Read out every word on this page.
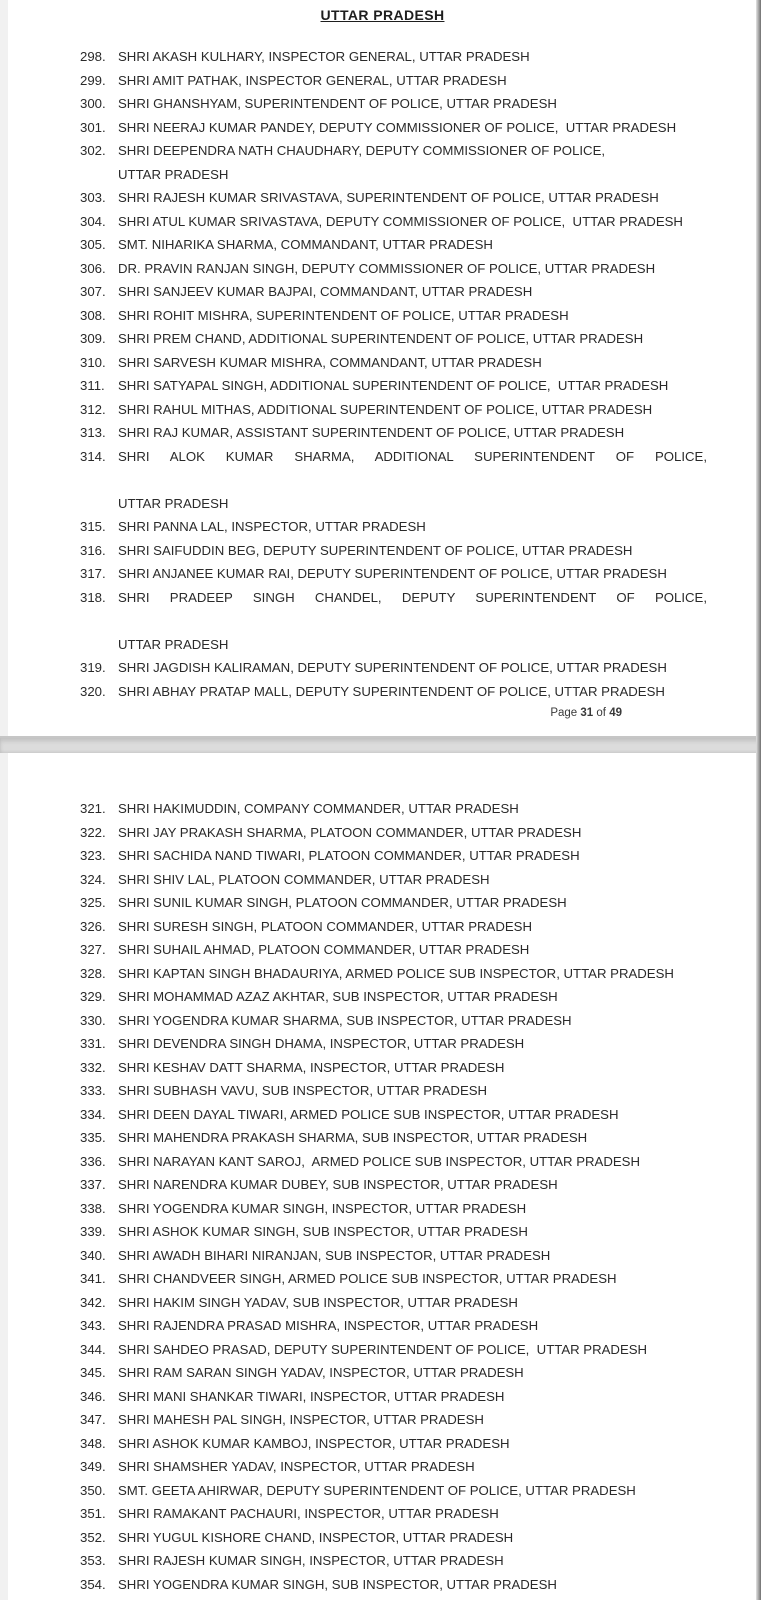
UTTAR PRADESH
298. SHRI AKASH KULHARY, INSPECTOR GENERAL, UTTAR PRADESH
299. SHRI AMIT PATHAK, INSPECTOR GENERAL, UTTAR PRADESH
300. SHRI GHANSHYAM, SUPERINTENDENT OF POLICE, UTTAR PRADESH
301. SHRI NEERAJ KUMAR PANDEY, DEPUTY COMMISSIONER OF POLICE,  UTTAR PRADESH
302. SHRI DEEPENDRA NATH CHAUDHARY, DEPUTY COMMISSIONER OF POLICE,
UTTAR PRADESH
303. SHRI RAJESH KUMAR SRIVASTAVA, SUPERINTENDENT OF POLICE, UTTAR PRADESH
304. SHRI ATUL KUMAR SRIVASTAVA, DEPUTY COMMISSIONER OF POLICE,  UTTAR PRADESH
305. SMT. NIHARIKA SHARMA, COMMANDANT, UTTAR PRADESH
306. DR. PRAVIN RANJAN SINGH, DEPUTY COMMISSIONER OF POLICE, UTTAR PRADESH
307. SHRI SANJEEV KUMAR BAJPAI, COMMANDANT, UTTAR PRADESH
308. SHRI ROHIT MISHRA, SUPERINTENDENT OF POLICE, UTTAR PRADESH
309. SHRI PREM CHAND, ADDITIONAL SUPERINTENDENT OF POLICE, UTTAR PRADESH
310. SHRI SARVESH KUMAR MISHRA, COMMANDANT, UTTAR PRADESH
311.	SHRI SATYAPAL SINGH, ADDITIONAL SUPERINTENDENT OF POLICE,  UTTAR PRADESH
312. SHRI RAHUL MITHAS, ADDITIONAL SUPERINTENDENT OF POLICE, UTTAR PRADESH
313. SHRI RAJ KUMAR, ASSISTANT SUPERINTENDENT OF POLICE, UTTAR PRADESH
314. SHRI ALOK KUMAR SHARMA, ADDITIONAL SUPERINTENDENT OF POLICE,UTTAR PRADESH
315. SHRI PANNA LAL, INSPECTOR, UTTAR PRADESH
316. SHRI SAIFUDDIN BEG, DEPUTY SUPERINTENDENT OF POLICE, UTTAR PRADESH
317. SHRI ANJANEE KUMAR RAI, DEPUTY SUPERINTENDENT OF POLICE, UTTAR PRADESH
318. SHRI PRADEEP SINGH CHANDEL, DEPUTY SUPERINTENDENT OF POLICE,UTTAR PRADESH
319. SHRI JAGDISH KALIRAMAN, DEPUTY SUPERINTENDENT OF POLICE, UTTAR PRADESH
320. SHRI ABHAY PRATAP MALL, DEPUTY SUPERINTENDENT OF POLICE, UTTAR PRADESH
Page 31 of 49
321. SHRI HAKIMUDDIN, COMPANY COMMANDER, UTTAR PRADESH
322. SHRI JAY PRAKASH SHARMA, PLATOON COMMANDER, UTTAR PRADESH
323. SHRI SACHIDA NAND TIWARI, PLATOON COMMANDER, UTTAR PRADESH
324. SHRI SHIV LAL, PLATOON COMMANDER, UTTAR PRADESH
325. SHRI SUNIL KUMAR SINGH, PLATOON COMMANDER, UTTAR PRADESH
326. SHRI SURESH SINGH, PLATOON COMMANDER, UTTAR PRADESH
327. SHRI SUHAIL AHMAD, PLATOON COMMANDER, UTTAR PRADESH
328. SHRI KAPTAN SINGH BHADAURIYA, ARMED POLICE SUB INSPECTOR, UTTAR PRADESH
329. SHRI MOHAMMAD AZAZ AKHTAR, SUB INSPECTOR, UTTAR PRADESH
330. SHRI YOGENDRA KUMAR SHARMA, SUB INSPECTOR, UTTAR PRADESH
331. SHRI DEVENDRA SINGH DHAMA, INSPECTOR, UTTAR PRADESH
332. SHRI KESHAV DATT SHARMA, INSPECTOR, UTTAR PRADESH
333. SHRI SUBHASH VAVU, SUB INSPECTOR, UTTAR PRADESH
334. SHRI DEEN DAYAL TIWARI, ARMED POLICE SUB INSPECTOR, UTTAR PRADESH
335. SHRI MAHENDRA PRAKASH SHARMA, SUB INSPECTOR, UTTAR PRADESH
336. SHRI NARAYAN KANT SAROJ,  ARMED POLICE SUB INSPECTOR, UTTAR PRADESH
337. SHRI NARENDRA KUMAR DUBEY, SUB INSPECTOR, UTTAR PRADESH
338. SHRI YOGENDRA KUMAR SINGH, INSPECTOR, UTTAR PRADESH
339. SHRI ASHOK KUMAR SINGH, SUB INSPECTOR, UTTAR PRADESH
340. SHRI AWADH BIHARI NIRANJAN, SUB INSPECTOR, UTTAR PRADESH
341. SHRI CHANDVEER SINGH, ARMED POLICE SUB INSPECTOR, UTTAR PRADESH
342. SHRI HAKIM SINGH YADAV, SUB INSPECTOR, UTTAR PRADESH
343. SHRI RAJENDRA PRASAD MISHRA, INSPECTOR, UTTAR PRADESH
344. SHRI SAHDEO PRASAD, DEPUTY SUPERINTENDENT OF POLICE,  UTTAR PRADESH
345. SHRI RAM SARAN SINGH YADAV, INSPECTOR, UTTAR PRADESH
346. SHRI MANI SHANKAR TIWARI, INSPECTOR, UTTAR PRADESH
347. SHRI MAHESH PAL SINGH, INSPECTOR, UTTAR PRADESH
348. SHRI ASHOK KUMAR KAMBOJ, INSPECTOR, UTTAR PRADESH
349. SHRI SHAMSHER YADAV, INSPECTOR, UTTAR PRADESH
350. SMT. GEETA AHIRWAR, DEPUTY SUPERINTENDENT OF POLICE, UTTAR PRADESH
351. SHRI RAMAKANT PACHAURI, INSPECTOR, UTTAR PRADESH
352. SHRI YUGUL KISHORE CHAND, INSPECTOR, UTTAR PRADESH
353. SHRI RAJESH KUMAR SINGH, INSPECTOR, UTTAR PRADESH
354. SHRI YOGENDRA KUMAR SINGH, SUB INSPECTOR, UTTAR PRADESH
